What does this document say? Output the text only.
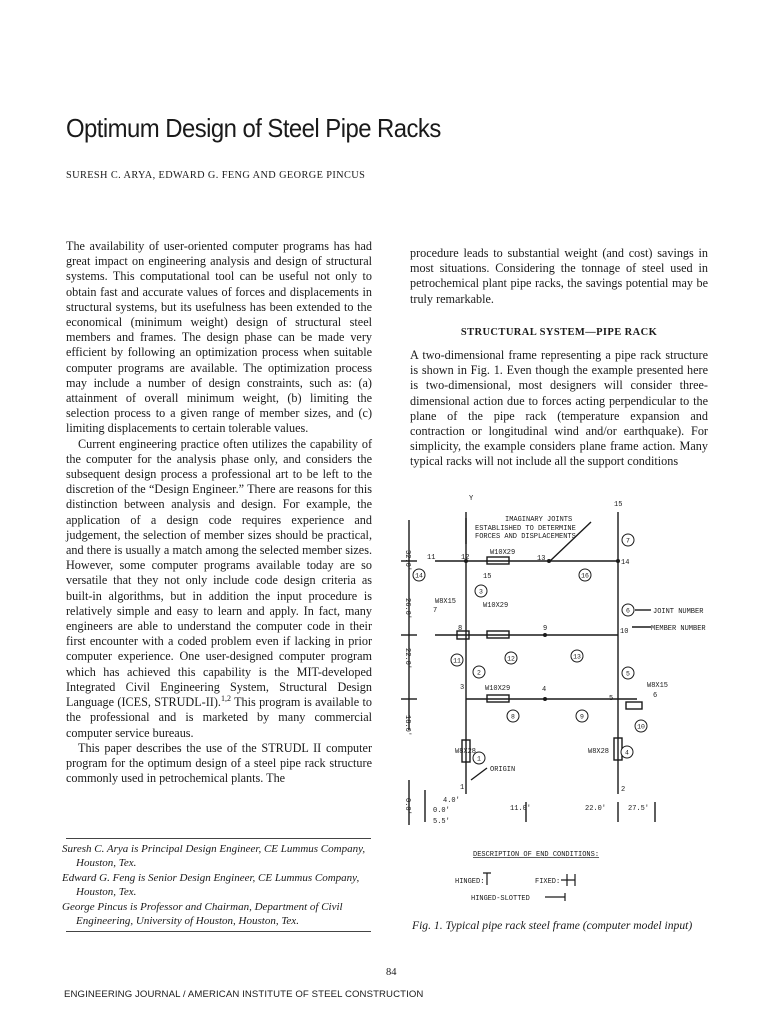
Optimum Design of Steel Pipe Racks
SURESH C. ARYA, EDWARD G. FENG AND GEORGE PINCUS

The availability of user-oriented computer programs has had great impact on engineering analysis and design of structural systems. This computational tool can be useful not only to obtain fast and accurate values of forces and displacements in structural systems, but its usefulness has been extended to the economical (minimum weight) design of structural steel members and frames. The design phase can be made very efficient by following an optimization process when suitable computer programs are available. The optimization process may include a number of design constraints, such as: (a) attainment of overall minimum weight, (b) limiting the selection process to a given range of member sizes, and (c) limiting displacements to certain tolerable values.

Current engineering practice often utilizes the capability of the computer for the analysis phase only, and considers the subsequent design process a professional art to be left to the discretion of the “Design Engineer.” There are reasons for this distinction between analysis and design. For example, the application of a design code requires experience and judgement, the selection of member sizes should be practical, and there is usually a match among the selected member sizes. However, some computer programs available today are so versatile that they not only include code design criteria as built-in algorithms, but in addition the input procedure is relatively simple and easy to learn and apply. In fact, many engineers are able to understand the computer code in their first encounter with a coded problem even if lacking in prior computer experience. One user-designed computer program which has achieved this capability is the MIT-developed Integrated Civil Engineering System, Structural Design Language (ICES, STRUDL-II).$^{1,2}$ This program is available to the professional and is marketed by many commercial computer service bureaus.

This paper describes the use of the STRUDL II computer program for the optimum design of a steel pipe rack structure commonly used in petrochemical plants. The

procedure leads to substantial weight (and cost) savings in most situations. Considering the tonnage of steel used in petrochemical plant pipe racks, the savings potential may be truly remarkable.

STRUCTURAL SYSTEM—PIPE RACK

A two-dimensional frame representing a pipe rack structure is shown in Fig. 1. Even though the example presented here is two-dimensional, most designers will consider three-dimensional action due to forces acting perpendicular to the plane of the pipe rack (temperature expansion and contraction or longitudinal wind and/or earthquake). For simplicity, the example considers plane frame action. Many typical racks will not include all the support conditions

Suresh C. Arya is Principal Design Engineer, CE Lummus Company, Houston, Tex.

Edward G. Feng is Senior Design Engineer, CE Lummus Company, Houston, Tex.

George Pincus is Professor and Chairman, Department of Civil Engineering, University of Houston, Houston, Tex.

Y
IMAGINARY JOINTS
ESTABLISHED TO DETERMINE
FORCES AND DISPLACEMENTS
15
11	12	13	14
W10X29
15
JOINT NUMBER
MEMBER NUMBER
W8X15
7
W10X29
9	10
8
3	W10X29	4
5
W8X15
6
W8X28	W8X28
ORIGIN
1	2
4.0'
0.0'
5.5'
11.0'	22.0'	27.5'
DESCRIPTION OF END CONDITIONS:
HINGED:	FIXED:
HINGED-SLOTTED
32.0'
26.0'
22.0'
18.0'
0.0'
7
14	16
3
6
11	12	13
2	5
8	9
10
1
4
Fig. 1. Typical pipe rack steel frame (computer model input)
84
ENGINEERING JOURNAL / AMERICAN INSTITUTE OF STEEL CONSTRUCTION
